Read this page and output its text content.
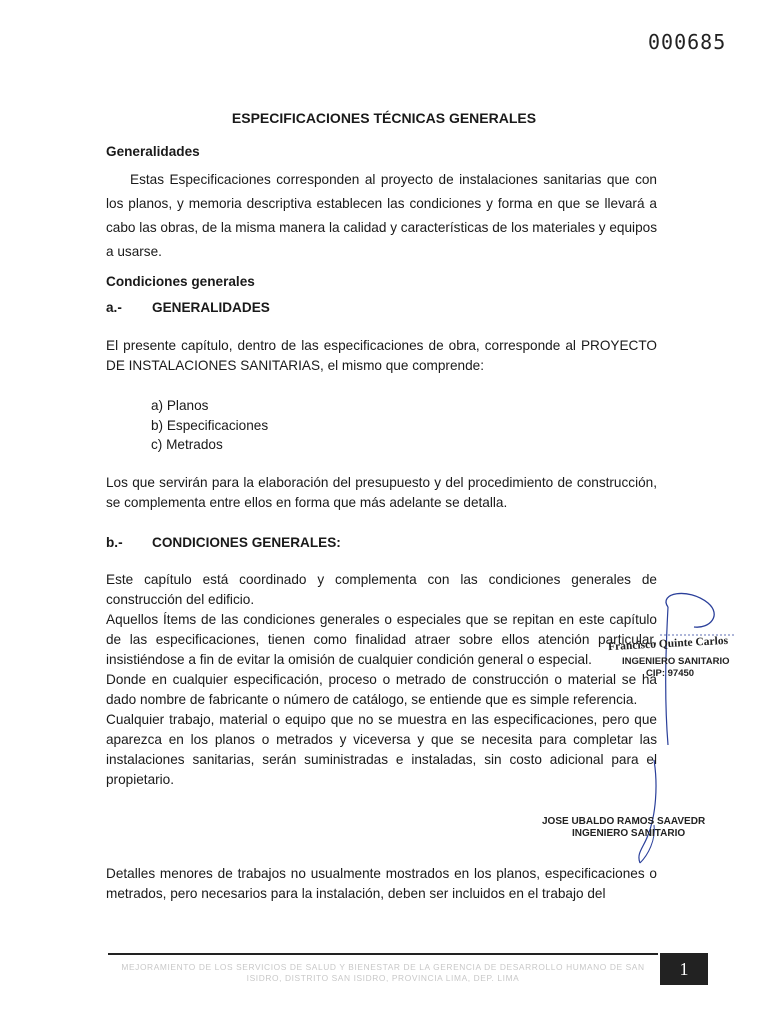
000685
ESPECIFICACIONES TÉCNICAS GENERALES
Generalidades
Estas Especificaciones corresponden al proyecto de instalaciones sanitarias que con los planos, y memoria descriptiva establecen las condiciones y forma en que se llevará a cabo las obras, de la misma manera la calidad y características de los materiales y equipos a usarse.
Condiciones generales
a.- GENERALIDADES
El presente capítulo, dentro de las especificaciones de obra, corresponde al PROYECTO DE INSTALACIONES SANITARIAS, el mismo que comprende:
a) Planos
b) Especificaciones
c) Metrados
Los que servirán para la elaboración del presupuesto y del procedimiento de construcción, se complementa entre ellos en forma que más adelante se detalla.
b.- CONDICIONES GENERALES:
Este capítulo está coordinado y complementa con las condiciones generales de construcción del edificio.
Aquellos Ítems de las condiciones generales o especiales que se repitan en este capítulo de las especificaciones, tienen como finalidad atraer sobre ellos atención particular, insistiéndose a fin de evitar la omisión de cualquier condición general o especial.
Donde en cualquier especificación, proceso o metrado de construcción o material se ha dado nombre de fabricante o número de catálogo, se entiende que es simple referencia.
Cualquier trabajo, material o equipo que no se muestra en las especificaciones, pero que aparezca en los planos o metrados y viceversa y que se necesita para completar las instalaciones sanitarias, serán suministradas e instaladas, sin costo adicional para el propietario.
Francisco Quinte Carlos
INGENIERO SANITARIO
CIP: 97450
JOSE UBALDO RAMOS SAAVEDR
INGENIERO SANITARIO
Detalles menores de trabajos no usualmente mostrados en los planos, especificaciones o metrados, pero necesarios para la instalación, deben ser incluidos en el trabajo del
MEJORAMIENTO DE LOS SERVICIOS DE SALUD Y BIENESTAR DE LA GERENCIA DE DESARROLLO HUMANO DE SAN ISIDRO, DISTRITO SAN ISIDRO, PROVINCIA LIMA, DEP. LIMA	1
